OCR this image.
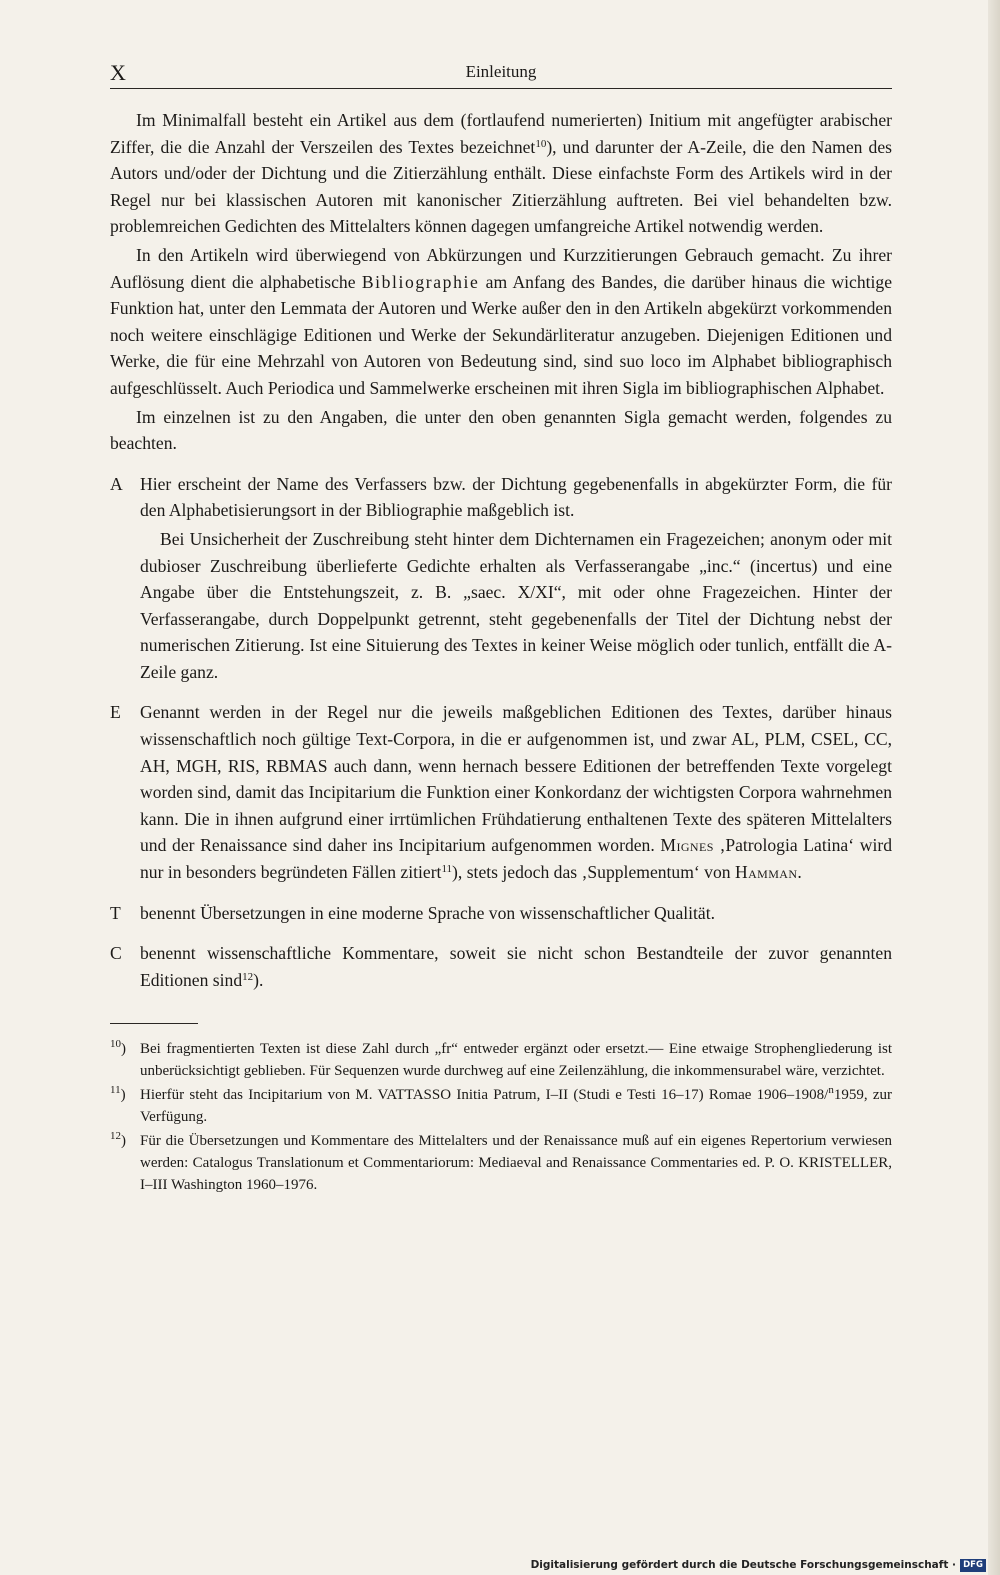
X	Einleitung

Im Minimalfall besteht ein Artikel aus dem (fortlaufend numerierten) Initium mit angefügter arabischer Ziffer, die die Anzahl der Verszeilen des Textes bezeichnet$^{10}$), und darunter der A-Zeile, die den Namen des Autors und/oder der Dichtung und die Zitierzählung enthält. Diese einfachste Form des Artikels wird in der Regel nur bei klassischen Autoren mit kanonischer Zitierzählung auftreten. Bei viel behandelten bzw. problemreichen Gedichten des Mittelalters können dagegen umfangreiche Artikel notwendig werden.

In den Artikeln wird überwiegend von Abkürzungen und Kurzzitierungen Gebrauch gemacht. Zu ihrer Auflösung dient die alphabetische Bibliographie am Anfang des Bandes, die darüber hinaus die wichtige Funktion hat, unter den Lemmata der Autoren und Werke außer den in den Artikeln abgekürzt vorkommenden noch weitere einschlägige Editionen und Werke der Sekundärliteratur anzugeben. Diejenigen Editionen und Werke, die für eine Mehrzahl von Autoren von Bedeutung sind, sind suo loco im Alphabet bibliographisch aufgeschlüsselt. Auch Periodica und Sammelwerke erscheinen mit ihren Sigla im bibliographischen Alphabet.

Im einzelnen ist zu den Angaben, die unter den oben genannten Sigla gemacht werden, folgendes zu beachten.

A Hier erscheint der Name des Verfassers bzw. der Dichtung gegebenenfalls in abgekürzter Form, die für den Alphabetisierungsort in der Bibliographie maßgeblich ist.

Bei Unsicherheit der Zuschreibung steht hinter dem Dichternamen ein Fragezeichen; anonym oder mit dubioser Zuschreibung überlieferte Gedichte erhalten als Verfasserangabe „inc.“ (incertus) und eine Angabe über die Entstehungszeit, z. B. „saec. X/XI“, mit oder ohne Fragezeichen. Hinter der Verfasserangabe, durch Doppelpunkt getrennt, steht gegebenenfalls der Titel der Dichtung nebst der numerischen Zitierung. Ist eine Situierung des Textes in keiner Weise möglich oder tunlich, entfällt die A-Zeile ganz.

E Genannt werden in der Regel nur die jeweils maßgeblichen Editionen des Textes, darüber hinaus wissenschaftlich noch gültige Text-Corpora, in die er aufgenommen ist, und zwar AL, PLM, CSEL, CC, AH, MGH, RIS, RBMAS auch dann, wenn hernach bessere Editionen der betreffenden Texte vorgelegt worden sind, damit das Incipitarium die Funktion einer Konkordanz der wichtigsten Corpora wahrnehmen kann. Die in ihnen aufgrund einer irrtümlichen Frühdatierung enthaltenen Texte des späteren Mittelalters und der Renaissance sind daher ins Incipitarium aufgenommen worden. Mignes ‚Patrologia Latina‘ wird nur in besonders begründeten Fällen zitiert$^{11}$), stets jedoch das ‚Supplementum‘ von Hamman.

T benennt Übersetzungen in eine moderne Sprache von wissenschaftlicher Qualität.

C benennt wissenschaftliche Kommentare, soweit sie nicht schon Bestandteile der zuvor genannten Editionen sind$^{12}$).

$^{10}$) Bei fragmentierten Texten ist diese Zahl durch „fr“ entweder ergänzt oder ersetzt.— Eine etwaige Strophengliederung ist unberücksichtigt geblieben. Für Sequenzen wurde durchweg auf eine Zeilenzählung, die inkommensurabel wäre, verzichtet.
$^{11}$) Hierfür steht das Incipitarium von M. VATTASSO Initia Patrum, I–II (Studi e Testi 16–17) Romae 1906–1908/$^n$1959, zur Verfügung.
$^{12}$) Für die Übersetzungen und Kommentare des Mittelalters und der Renaissance muß auf ein eigenes Repertorium verwiesen werden: Catalogus Translationum et Commentariorum: Mediaeval and Renaissance Commentaries ed. P. O. KRISTELLER, I–III Washington 1960–1976.
Digitalisierung gefördert durch die Deutsche Forschungsgemeinschaft · DFG
